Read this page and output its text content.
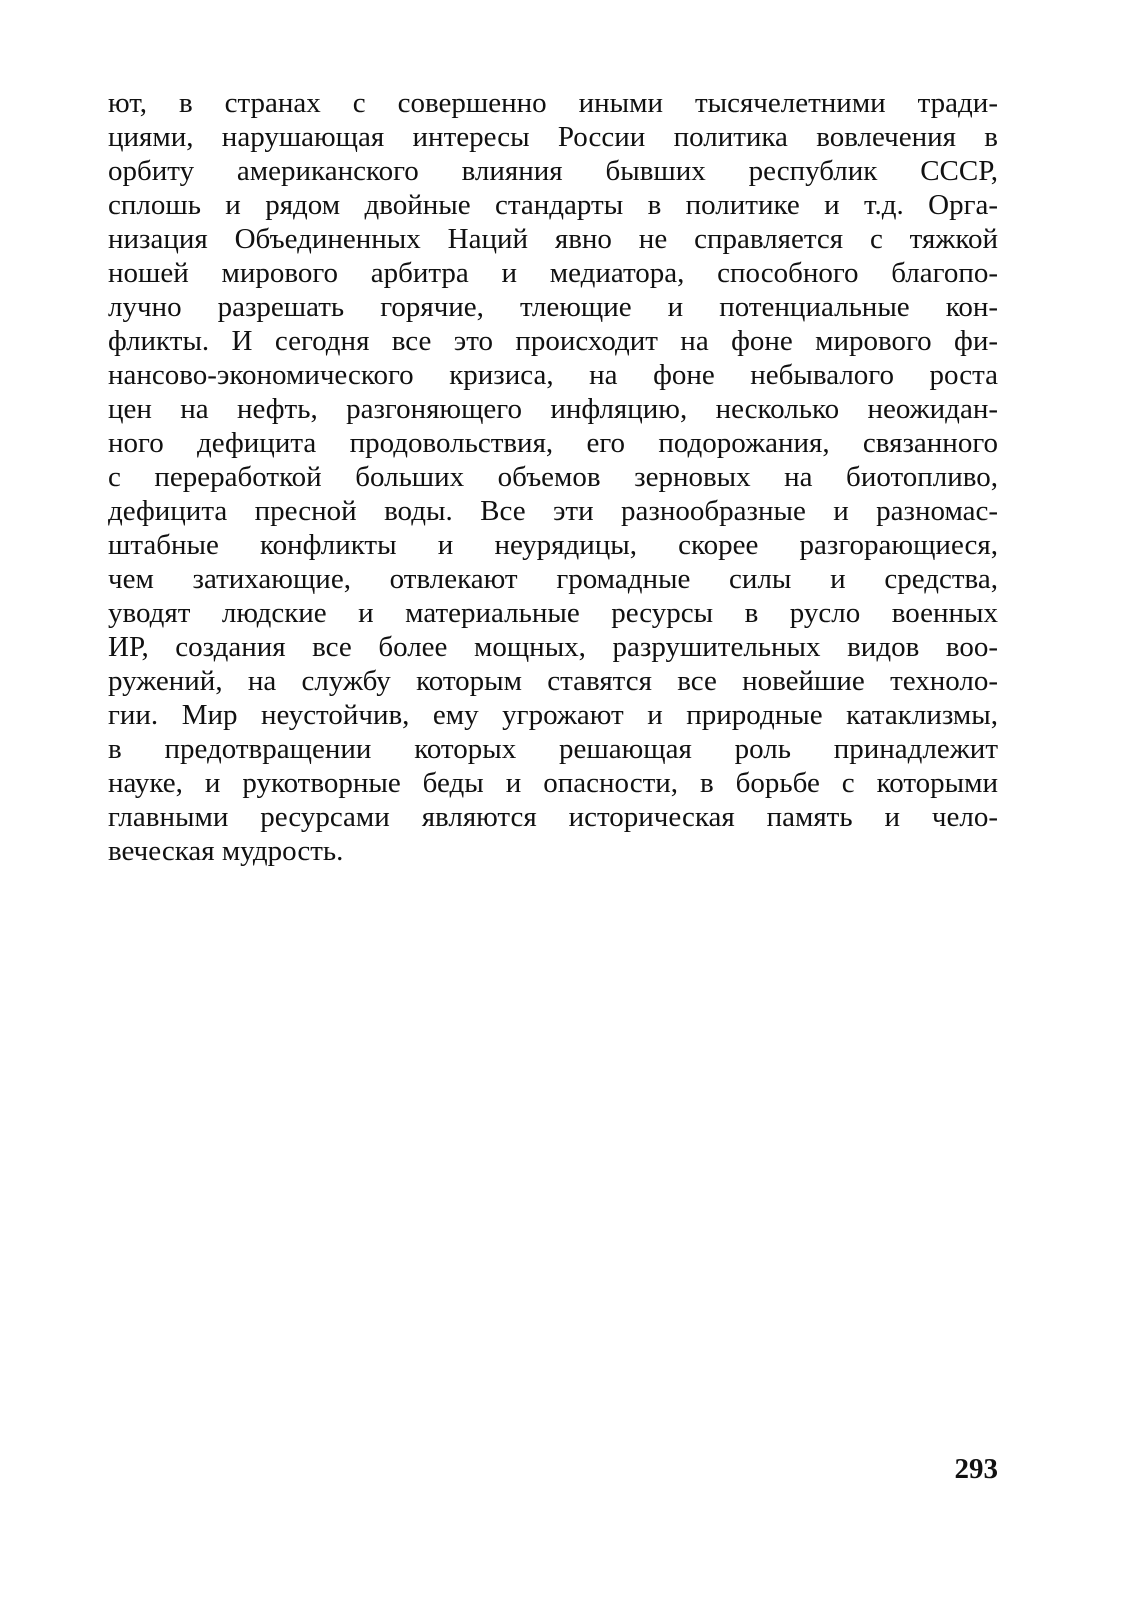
ют, в странах с совершенно иными тысячелетними тради-
циями, нарушающая интересы России политика вовлечения в
орбиту американского влияния бывших республик СССР,
сплошь и рядом двойные стандарты в политике и т.д. Орга-
низация Объединенных Наций явно не справляется с тяжкой
ношей мирового арбитра и медиатора, способного благопо-
лучно разрешать горячие, тлеющие и потенциальные кон-
фликты. И сегодня все это происходит на фоне мирового фи-
нансово-экономического кризиса, на фоне небывалого роста
цен на нефть, разгоняющего инфляцию, несколько неожидан-
ного дефицита продовольствия, его подорожания, связанного
с переработкой больших объемов зерновых на биотопливо,
дефицита пресной воды. Все эти разнообразные и разномас-
штабные конфликты и неурядицы, скорее разгорающиеся,
чем затихающие, отвлекают громадные силы и средства,
уводят людские и материальные ресурсы в русло военных
ИР, создания все более мощных, разрушительных видов воо-
ружений, на службу которым ставятся все новейшие техноло-
гии. Мир неустойчив, ему угрожают и природные катаклизмы,
в предотвращении которых решающая роль принадлежит
науке, и рукотворные беды и опасности, в борьбе с которыми
главными ресурсами являются историческая память и чело-
веческая мудрость.
293
